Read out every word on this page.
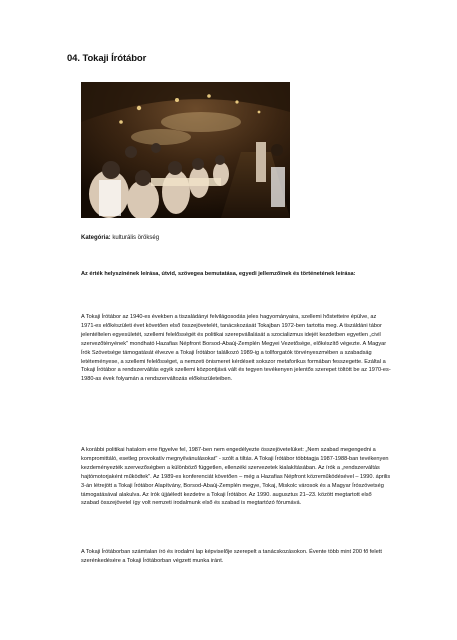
04. Tokaji Írótábor
Kategória: kulturális örökség
Az érték helyszínének leírása, útvid, szövegea bemutatása, egyedi jellemzőinek és történetének leírása:

A Tokaji Írótábor az 1940-es években a tiszaládányi felvilágosodás jeles hagyományaira, szellemi hőstetteire épülve, az 1971-es előkészületi évet követően első összejövetelét, tanácskozását Tokajban 1972-ben tartotta meg. A tiszáldáni tábor jelentéltelen egyesületét, szellemi felelősségét és politikai szerepvállalását a szocializmus idejét kezdetben egyetlen „civil szervezőtényének" mondható Hazafias Népfront Borsod-Abaúj-Zemplén Megyei Vezetősége, előkészítő végezte. A Magyar Írók Szövetsége támogatását élvezve a Tokaji Írótábor találkozó 1989-ig a tollforgatók törvényeszmében a szabadság letéteményese, a szellemi felelősséget, a nemzeti önismeret kérdéseit sokszor metaforikus formában fesszegette. Ezáltal a Tokaji Írótábor a rendszerváltás egyik szellemi központjává vált és tegyen tevékenyen jelentős szerepet töltött be az 1970-es-1980-as évek folyamán a rendszerváltozás előkészületeiben.

A korábbi politikai hatalom erre figyelve fel, 1987-ben nem engedélyezte összejövetelüket: „Nem szabad megengedni a kompromittáló, esetleg provokatív megnyilvánulásokat" - szólt a tiltás. A Tokaji Írótábor többtagja 1987-1988-ban tevékenyen kezdeményezték szervezőségben a különböző független, ellenzéki szervezetek kialakításában. Az írók a „rendszerváltás hajtómotorjaként működtek". Az 1989-es konferenciát követően – még a Hazafias Népfront közreműködésével – 1990. április 3-án létrejött a Tokaji Írótábor Alapítvány, Borsod-Abaúj-Zemplén megye, Tokaj, Miskolc városok és a Magyar Írószövetség támogatásával alakulva. Az írók újjáéledt kezdetre a Tokaji Írótábor. Az 1990. augusztus 21–23. között megtartott első szabad összejövetel így volt nemzeti irodalmunk első és szabad is megtartózó fórumává.

A Tokaji Írótáborban számtalan író és irodalmi lap képviselője szerepelt a tanácskozásokon. Évente több mint 200 fő felett szerénkedésére a Tokaji Írótáborban végzett munka iránt.
